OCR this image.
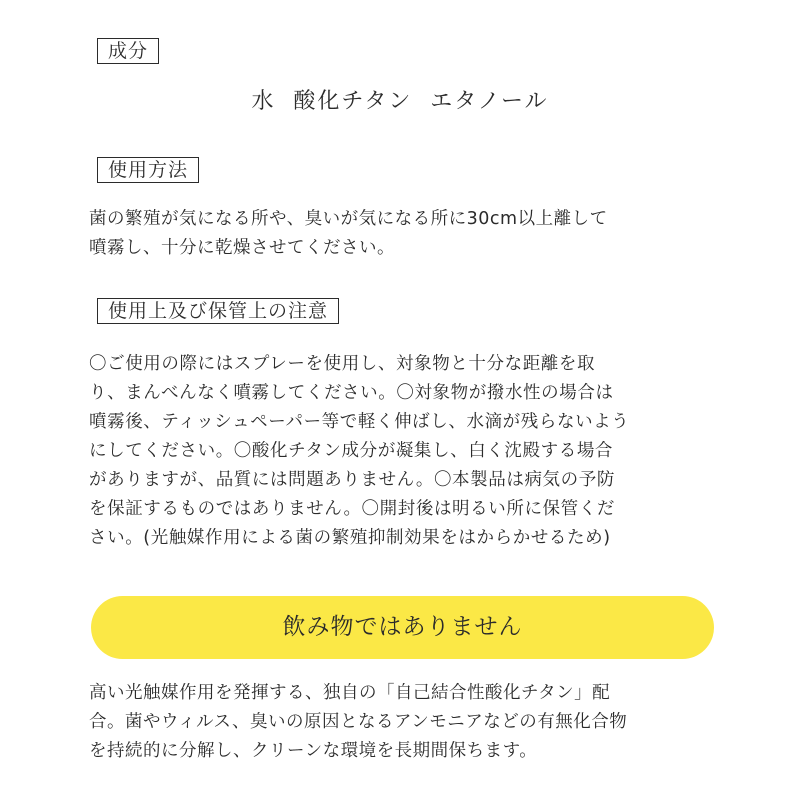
成分
水  酸化チタン  エタノール
使用方法
菌の繁殖が気になる所や、臭いが気になる所に30cm以上離して
噴霧し、十分に乾燥させてください。
使用上及び保管上の注意
〇ご使用の際にはスプレーを使用し、対象物と十分な距離を取
り、まんべんなく噴霧してください。〇対象物が撥水性の場合は
噴霧後、ティッシュペーパー等で軽く伸ばし、水滴が残らないよう
にしてください。〇酸化チタン成分が凝集し、白く沈殿する場合
がありますが、品質には問題ありません。〇本製品は病気の予防
を保証するものではありません。〇開封後は明るい所に保管くだ
さい。(光触媒作用による菌の繁殖抑制効果をはからかせるため)
飲み物ではありません
高い光触媒作用を発揮する、独自の「自己結合性酸化チタン」配
合。菌やウィルス、臭いの原因となるアンモニアなどの有無化合物
を持続的に分解し、クリーンな環境を長期間保ちます。
